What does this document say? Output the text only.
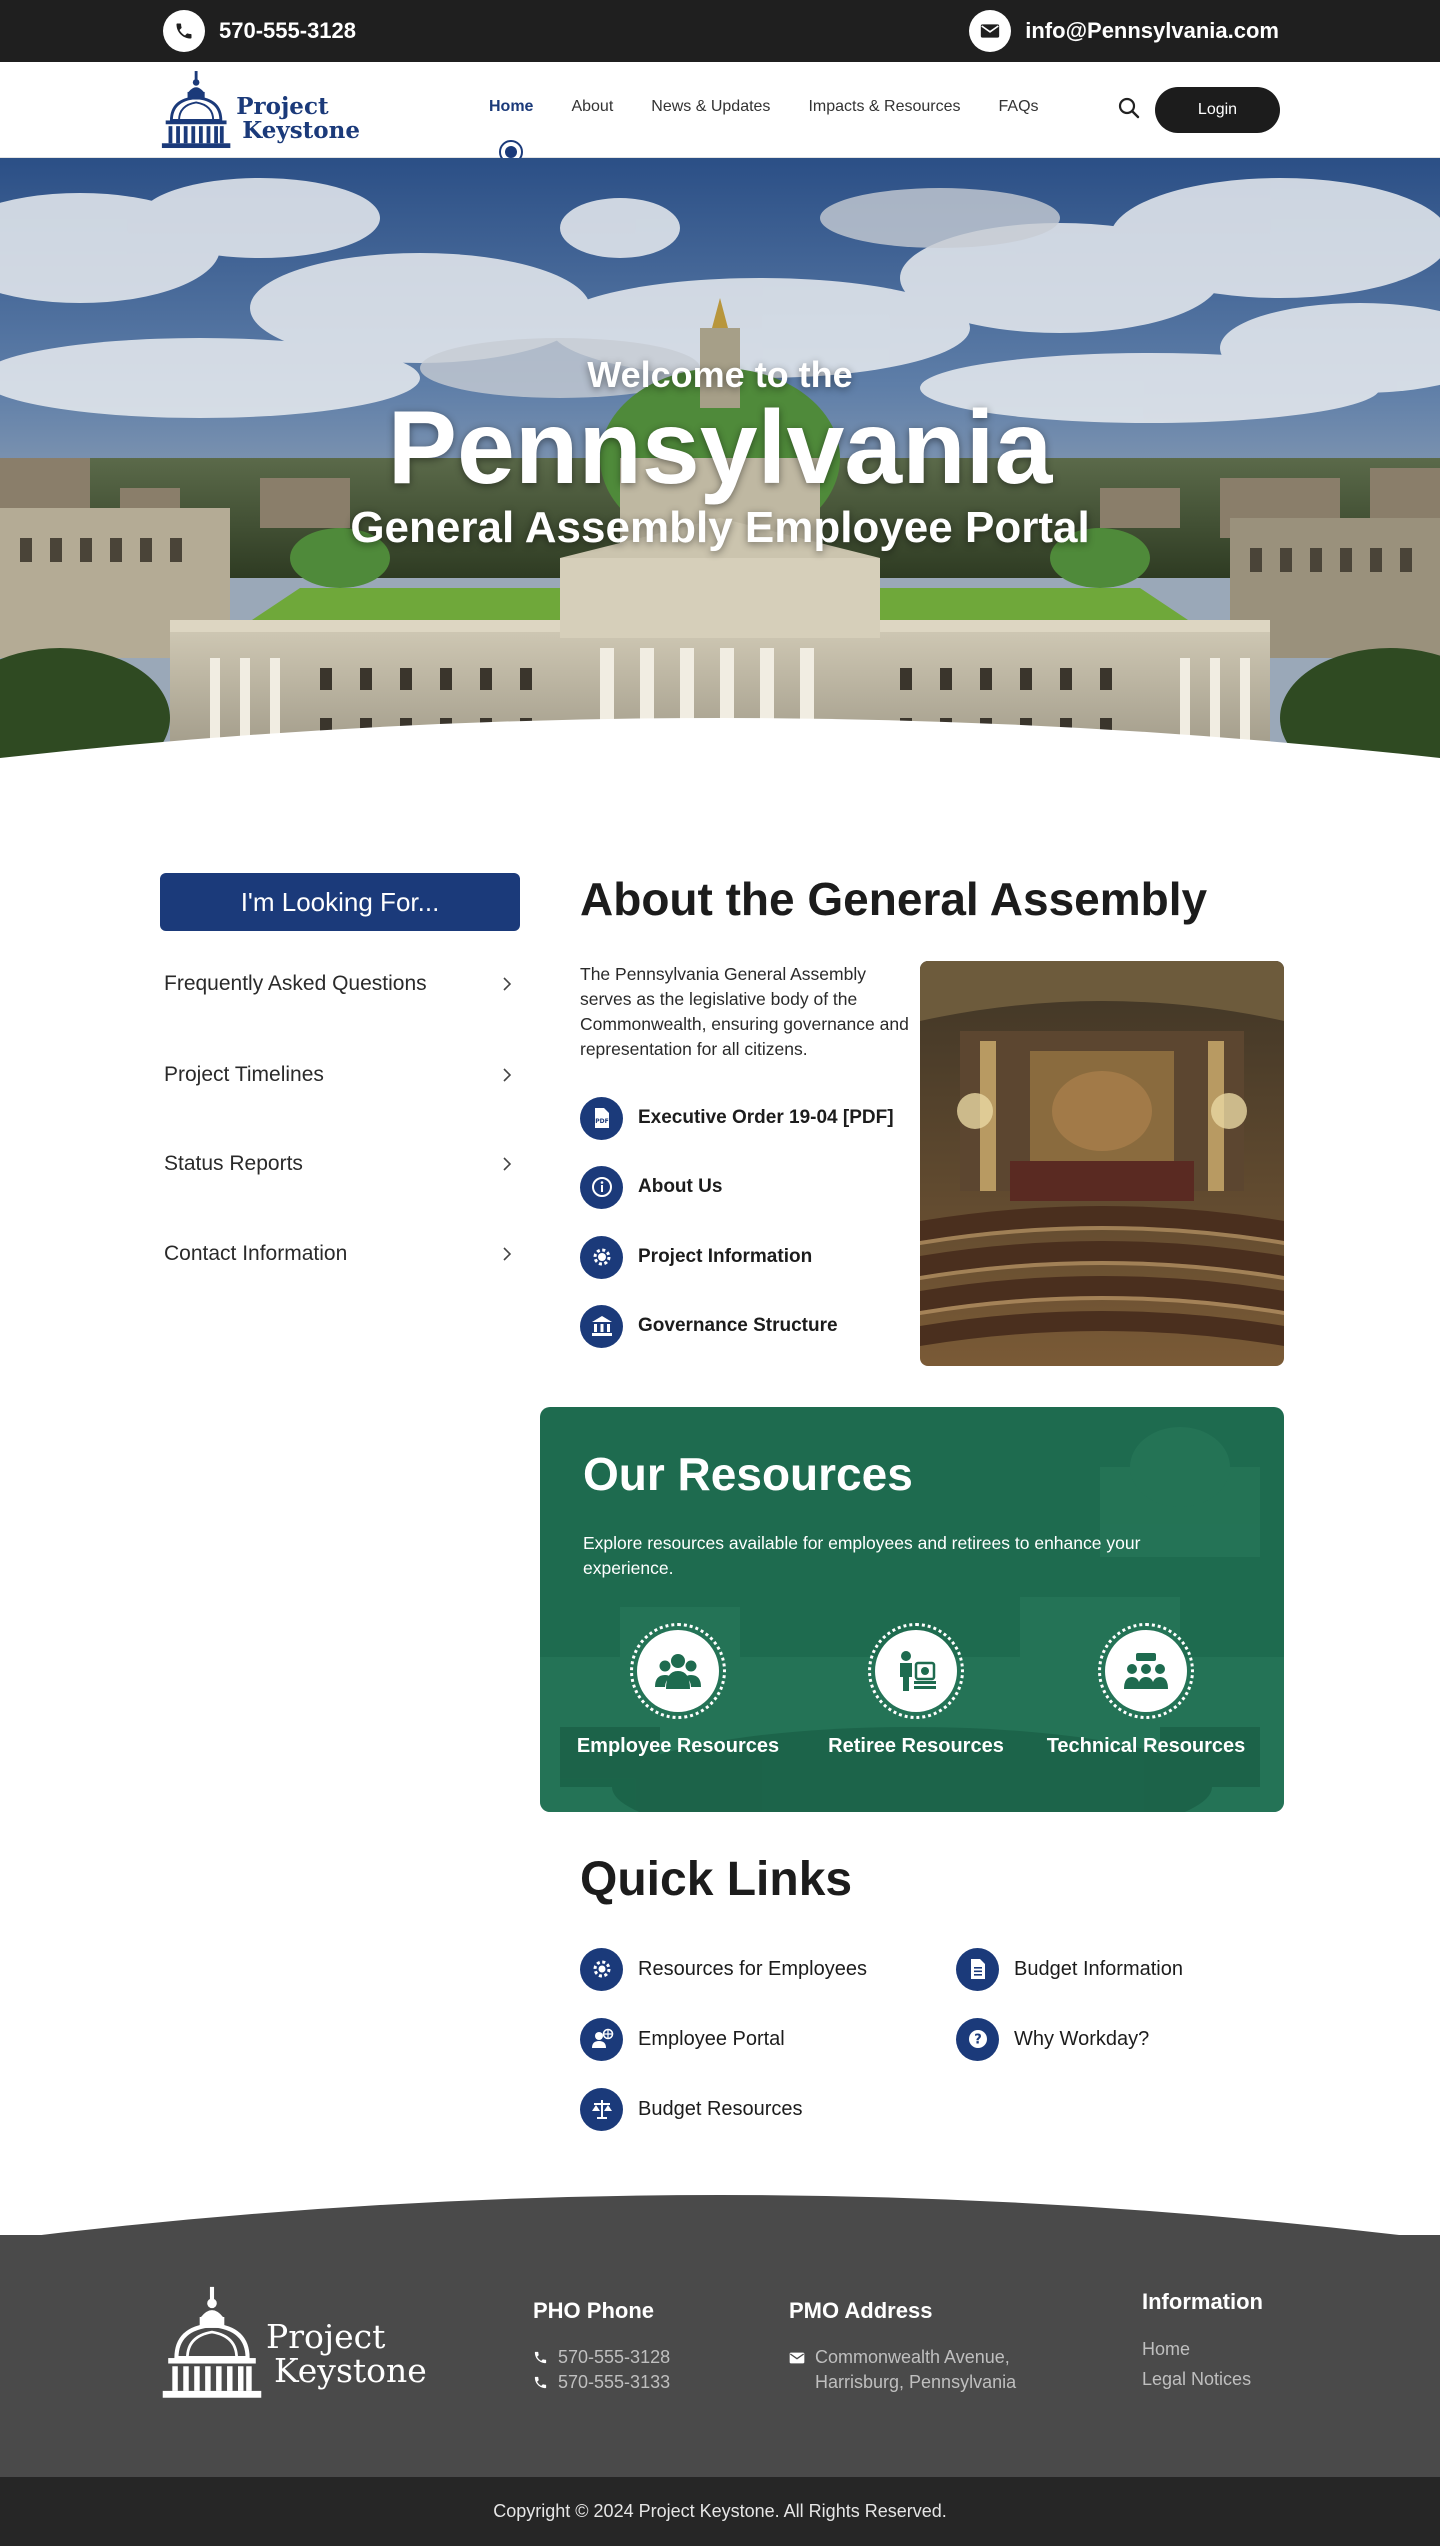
570-555-3128	info@Pennsylvania.com
Project
Keystone
Home About News & Updates Impacts & Resources FAQs	Login
Welcome to the
Pennsylvania
General Assembly Employee Portal
I'm Looking For...
Frequently Asked Questions
Project Timelines
Status Reports
Contact Information
About the General Assembly

The Pennsylvania General Assembly serves as the legislative body of the Commonwealth, ensuring governance and representation for all citizens.

PDF Executive Order 19-04 [PDF]
About Us
Project Information
Governance Structure
Our Resources

Explore resources available for employees and retirees to enhance your experience.

Employee Resources	Retiree Resources	Technical Resources
Quick Links
Resources for Employees	Budget Information
Employee Portal	? Why Workday?
Budget Resources
Project
Keystone
PHO Phone
570-555-3128
570-555-3133
PMO Address
Commonwealth Avenue,
Harrisburg, Pennsylvania
Information
Home
Legal Notices
Copyright © 2024 Project Keystone. All Rights Reserved.
